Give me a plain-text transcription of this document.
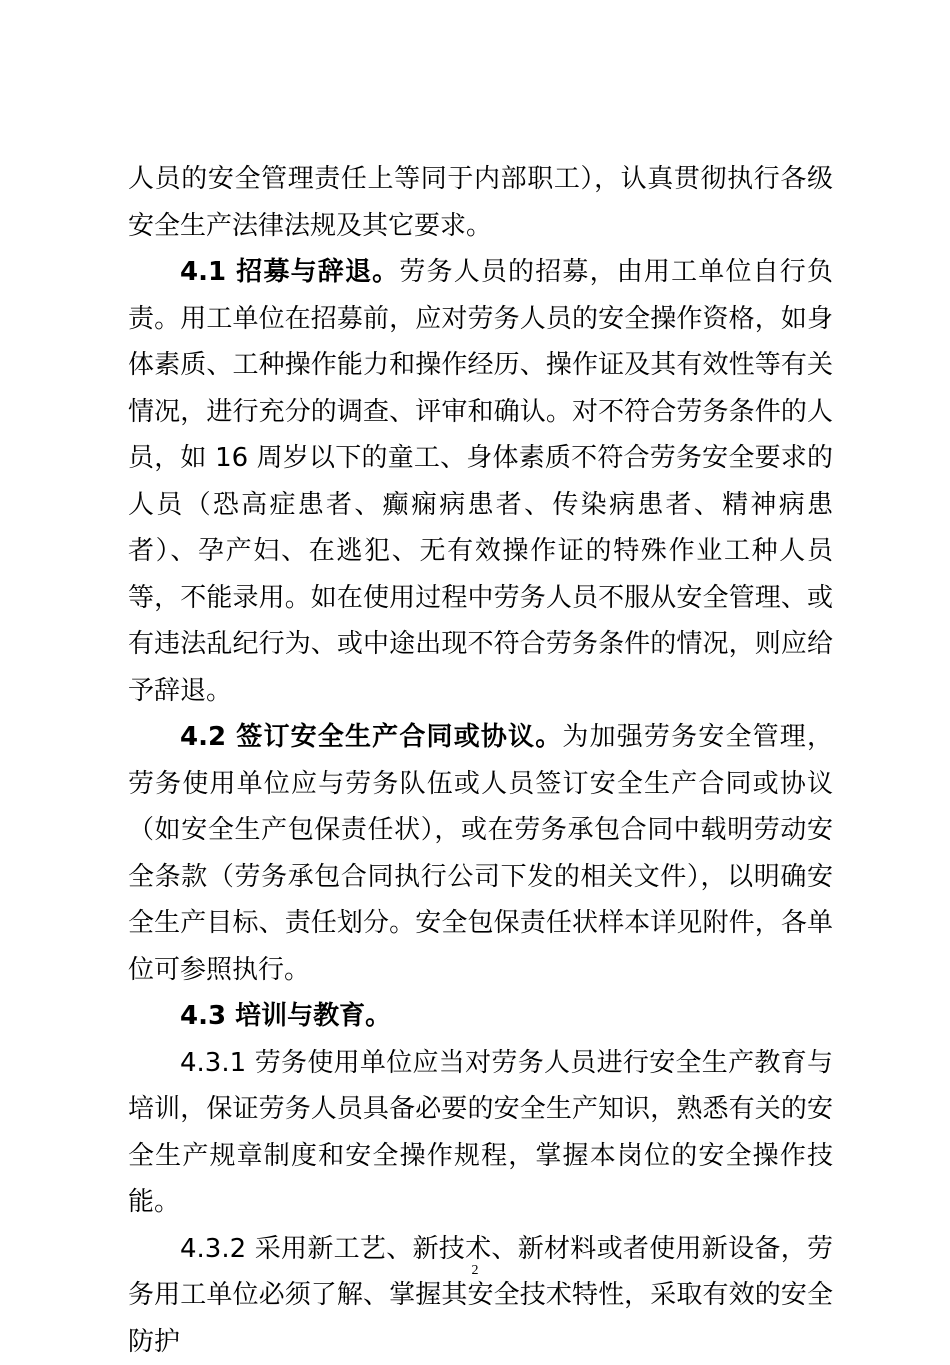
人员的安全管理责任上等同于内部职工），认真贯彻执行各级安全生产法律法规及其它要求。

4.1 招募与辞退。劳务人员的招募，由用工单位自行负责。用工单位在招募前，应对劳务人员的安全操作资格，如身体素质、工种操作能力和操作经历、操作证及其有效性等有关情况，进行充分的调查、评审和确认。对不符合劳务条件的人员，如 16 周岁以下的童工、身体素质不符合劳务安全要求的人员（恐高症患者、癫痫病患者、传染病患者、精神病患者）、孕产妇、在逃犯、无有效操作证的特殊作业工种人员等，不能录用。如在使用过程中劳务人员不服从安全管理、或有违法乱纪行为、或中途出现不符合劳务条件的情况，则应给予辞退。

4.2 签订安全生产合同或协议。为加强劳务安全管理，劳务使用单位应与劳务队伍或人员签订安全生产合同或协议（如安全生产包保责任状），或在劳务承包合同中载明劳动安全条款（劳务承包合同执行公司下发的相关文件），以明确安全生产目标、责任划分。安全包保责任状样本详见附件，各单位可参照执行。

4.3 培训与教育。

4.3.1 劳务使用单位应当对劳务人员进行安全生产教育与培训，保证劳务人员具备必要的安全生产知识，熟悉有关的安全生产规章制度和安全操作规程，掌握本岗位的安全操作技能。

4.3.2 采用新工艺、新技术、新材料或者使用新设备，劳务用工单位必须了解、掌握其安全技术特性，采取有效的安全防护

2
